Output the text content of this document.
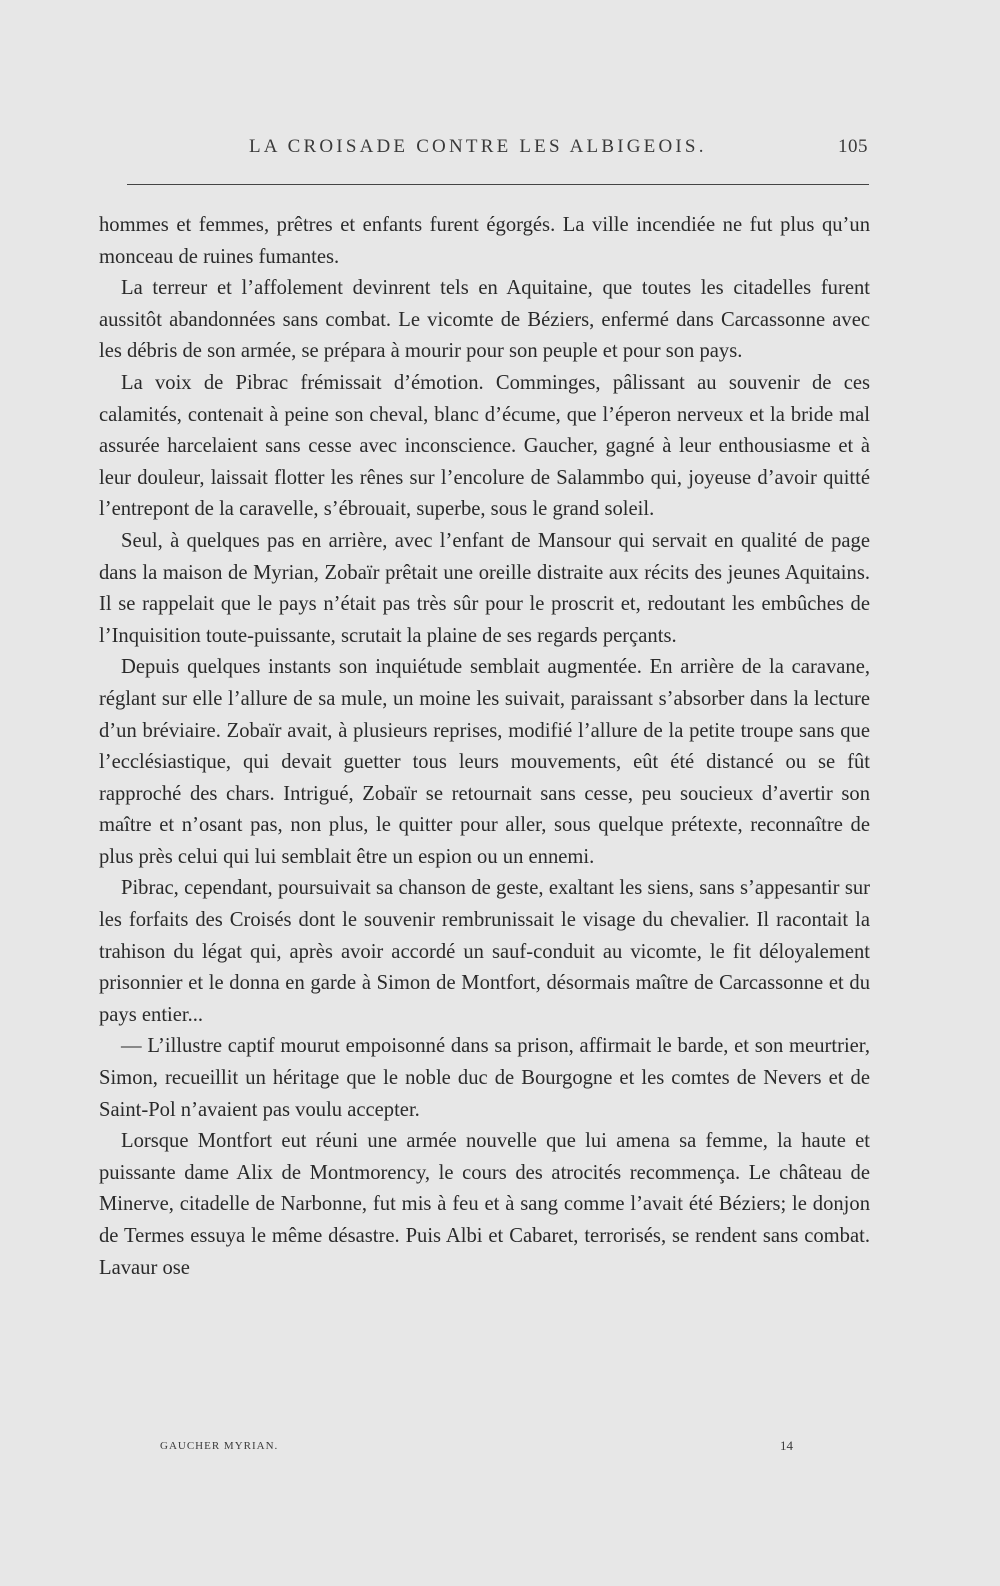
LA CROISADE CONTRE LES ALBIGEOIS.	105

hommes et femmes, prêtres et enfants furent égorgés. La ville incendiée ne fut plus qu’un monceau de ruines fumantes.

La terreur et l’affolement devinrent tels en Aquitaine, que toutes les citadelles furent aussitôt abandonnées sans combat. Le vicomte de Béziers, enfermé dans Carcassonne avec les débris de son armée, se prépara à mourir pour son peuple et pour son pays.

La voix de Pibrac frémissait d’émotion. Comminges, pâlissant au souvenir de ces calamités, contenait à peine son cheval, blanc d’écume, que l’éperon nerveux et la bride mal assurée harcelaient sans cesse avec inconscience. Gaucher, gagné à leur enthousiasme et à leur douleur, laissait flotter les rênes sur l’encolure de Salammbo qui, joyeuse d’avoir quitté l’entrepont de la caravelle, s’ébrouait, superbe, sous le grand soleil.

Seul, à quelques pas en arrière, avec l’enfant de Mansour qui servait en qualité de page dans la maison de Myrian, Zobaïr prêtait une oreille distraite aux récits des jeunes Aquitains. Il se rappelait que le pays n’était pas très sûr pour le proscrit et, redoutant les embûches de l’Inquisition toute-puissante, scrutait la plaine de ses regards perçants.

Depuis quelques instants son inquiétude semblait augmentée. En arrière de la caravane, réglant sur elle l’allure de sa mule, un moine les suivait, paraissant s’absorber dans la lecture d’un bréviaire. Zobaïr avait, à plusieurs reprises, modifié l’allure de la petite troupe sans que l’ecclésiastique, qui devait guetter tous leurs mouvements, eût été distancé ou se fût rapproché des chars. Intrigué, Zobaïr se retournait sans cesse, peu soucieux d’avertir son maître et n’osant pas, non plus, le quitter pour aller, sous quelque prétexte, reconnaître de plus près celui qui lui semblait être un espion ou un ennemi.

Pibrac, cependant, poursuivait sa chanson de geste, exaltant les siens, sans s’appesantir sur les forfaits des Croisés dont le souvenir rembrunissait le visage du chevalier. Il racontait la trahison du légat qui, après avoir accordé un sauf-conduit au vicomte, le fit déloyalement prisonnier et le donna en garde à Simon de Montfort, désormais maître de Carcassonne et du pays entier...

— L’illustre captif mourut empoisonné dans sa prison, affirmait le barde, et son meurtrier, Simon, recueillit un héritage que le noble duc de Bourgogne et les comtes de Nevers et de Saint-Pol n’avaient pas voulu accepter.

Lorsque Montfort eut réuni une armée nouvelle que lui amena sa femme, la haute et puissante dame Alix de Montmorency, le cours des atrocités recommença. Le château de Minerve, citadelle de Narbonne, fut mis à feu et à sang comme l’avait été Béziers; le donjon de Termes essuya le même désastre. Puis Albi et Cabaret, terrorisés, se rendent sans combat. Lavaur ose

GAUCHER MYRIAN.	14
